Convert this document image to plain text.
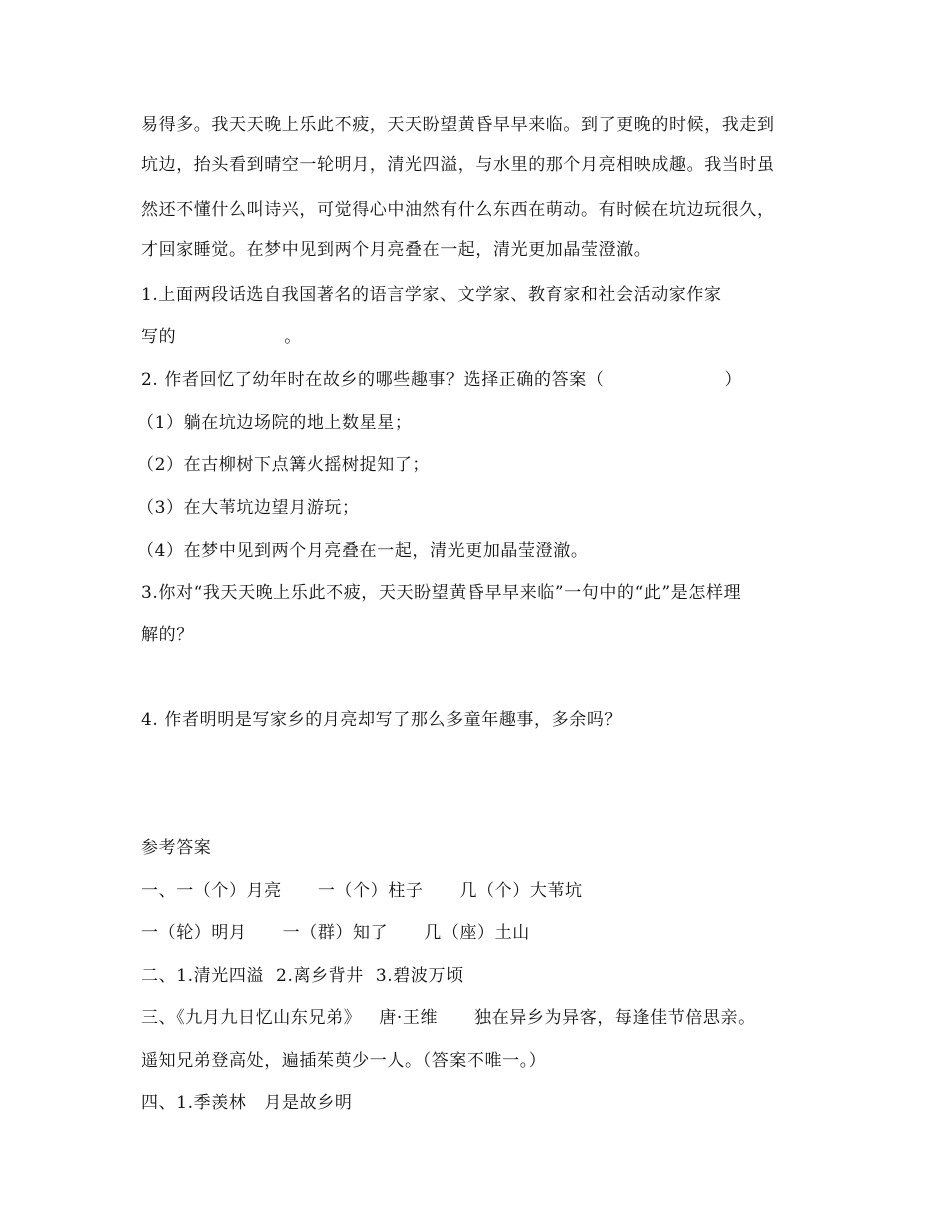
易得多。我天天晚上乐此不疲，天天盼望黄昏早早来临。到了更晚的时候，我走到
坑边，抬头看到晴空一轮明月，清光四溢，与水里的那个月亮相映成趣。我当时虽
然还不懂什么叫诗兴，可觉得心中油然有什么东西在萌动。有时候在坑边玩很久，
才回家睡觉。在梦中见到两个月亮叠在一起，清光更加晶莹澄澈。
1.上面两段话选自我国著名的语言学家、文学家、教育家和社会活动家作家
写的                  。
2. 作者回忆了幼年时在故乡的哪些趣事？选择正确的答案（                    ）
（1）躺在坑边场院的地上数星星；
（2）在古柳树下点篝火摇树捉知了；
（3）在大苇坑边望月游玩；
（4）在梦中见到两个月亮叠在一起，清光更加晶莹澄澈。
3.你对“我天天晚上乐此不疲，天天盼望黄昏早早来临”一句中的“此”是怎样理
解的？
4. 作者明明是写家乡的月亮却写了那么多童年趣事，多余吗？
参考答案
一、一（个）月亮      一（个）柱子      几（个）大苇坑
一（轮）明月      一（群）知了      几（座）土山
二、1.清光四溢  2.离乡背井  3.碧波万顷
三、《九月九日忆山东兄弟》   唐·王维      独在异乡为异客，每逢佳节倍思亲。
遥知兄弟登高处，遍插茱萸少一人。（答案不唯一。）
四、1.季羡林   月是故乡明
